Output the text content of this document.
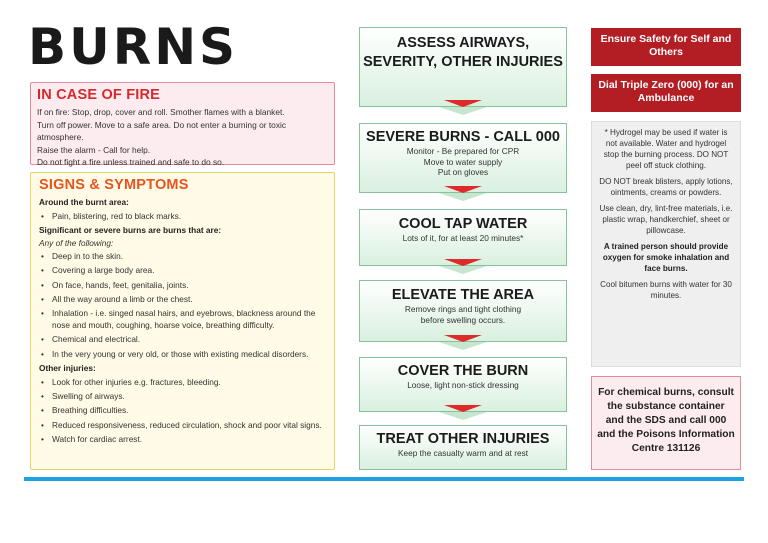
BURNS
IN CASE OF FIRE

If on fire: Stop, drop, cover and roll. Smother flames with a blanket.

Turn off power. Move to a safe area. Do not enter a burning or toxic atmosphere.

Raise the alarm - Call for help.

Do not fight a fire unless trained and safe to do so.

SIGNS & SYMPTOMS
Around the burnt area:
• Pain, blistering, red to black marks.
Significant or severe burns are burns that are:
Any of the following:
• Deep in to the skin.
• Covering a large body area.
• On face, hands, feet, genitalia, joints.
• All the way around a limb or the chest.
• Inhalation - i.e. singed nasal hairs, and eyebrows, blackness around the nose and mouth, coughing, hoarse voice, breathing difficulty.
• Chemical and electrical.
• In the very young or very old, or those with existing medical disorders.
Other injuries:
• Look for other injuries e.g. fractures, bleeding.
• Swelling of airways.
• Breathing difficulties.
• Reduced responsiveness, reduced circulation, shock and poor vital signs.
• Watch for cardiac arrest.
ASSESS AIRWAYS, SEVERITY, OTHER INJURIES
SEVERE BURNS - CALL 000

Monitor - Be prepared for CPR

Move to water supply

Put on gloves

COOL TAP WATER

Lots of it, for at least 20 minutes*

ELEVATE THE AREA

Remove rings and tight clothing

before swelling occurs.

COVER THE BURN

Loose, light non-stick dressing

TREAT OTHER INJURIES

Keep the casualty warm and at rest

Ensure Safety for Self and Others
Dial Triple Zero (000) for an Ambulance

* Hydrogel may be used if water is not available. Water and hydrogel stop the burning process. DO NOT peel off stuck clothing.

DO NOT break blisters, apply lotions, ointments, creams or powders.

Use clean, dry, lint-free materials, i.e. plastic wrap, handkerchief, sheet or pillowcase.

A trained person should provide oxygen for smoke inhalation and face burns.

Cool bitumen burns with water for 30 minutes.

For chemical burns, consult the substance container and the SDS and call 000 and the Poisons Information Centre 131126
